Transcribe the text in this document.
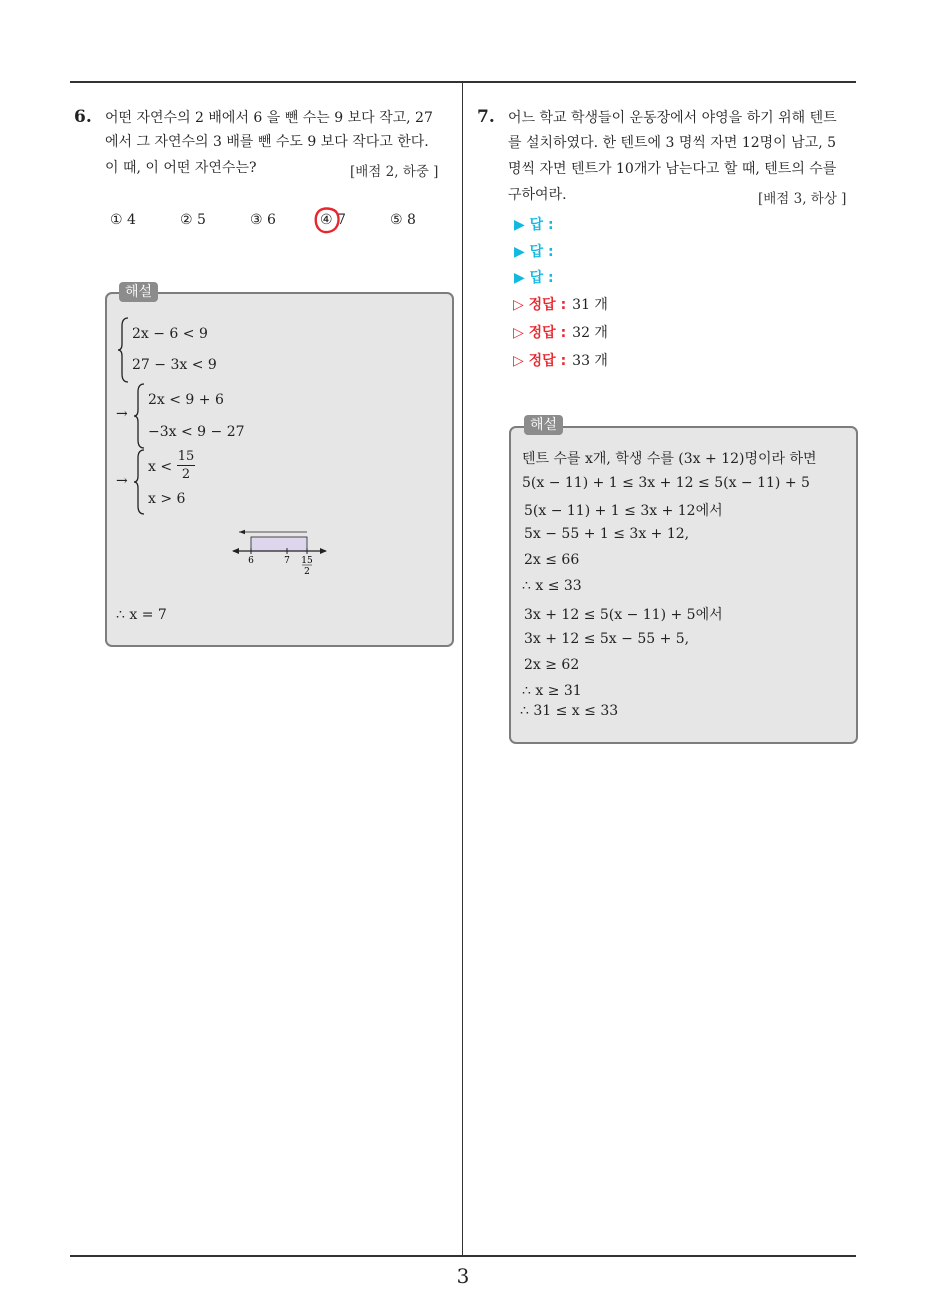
3
6. 어떤 자연수의 2 배에서 6 을 뺀 수는 9 보다 작고, 27
에서 그 자연수의 3 배를 뺀 수도 9 보다 작다고 한다.
이 때, 이 어떤 자연수는?	[배점 2, 하중 ]
① 4	② 5	③ 6	④ 7	⑤ 8
해설
2x − 6 < 9
27 − 3x < 9
→
2x < 9 + 6
−3x < 9 − 27
→
x <
15
2
x > 6
6	7 15
2
∴ x = 7
7. 어느 학교 학생들이 운동장에서 야영을 하기 위해 텐트
를 설치하였다. 한 텐트에 3 명씩 자면 12명이 남고, 5
명씩 자면 텐트가 10개가 남는다고 할 때, 텐트의 수를
구하여라.	[배점 3, 하상 ]
▶ 답 :
▶ 답 :
▶ 답 :
▷ 정답 : 31 개
▷ 정답 : 32 개
▷ 정답 : 33 개
해설
텐트 수를 x개, 학생 수를 (3x + 12)명이라 하면
5(x − 11) + 1 ≤ 3x + 12 ≤ 5(x − 11) + 5
5(x − 11) + 1 ≤ 3x + 12에서
5x − 55 + 1 ≤ 3x + 12,
2x ≤ 66
∴ x ≤ 33
3x + 12 ≤ 5(x − 11) + 5에서
3x + 12 ≤ 5x − 55 + 5,
2x ≥ 62
∴ x ≥ 31
∴ 31 ≤ x ≤ 33
